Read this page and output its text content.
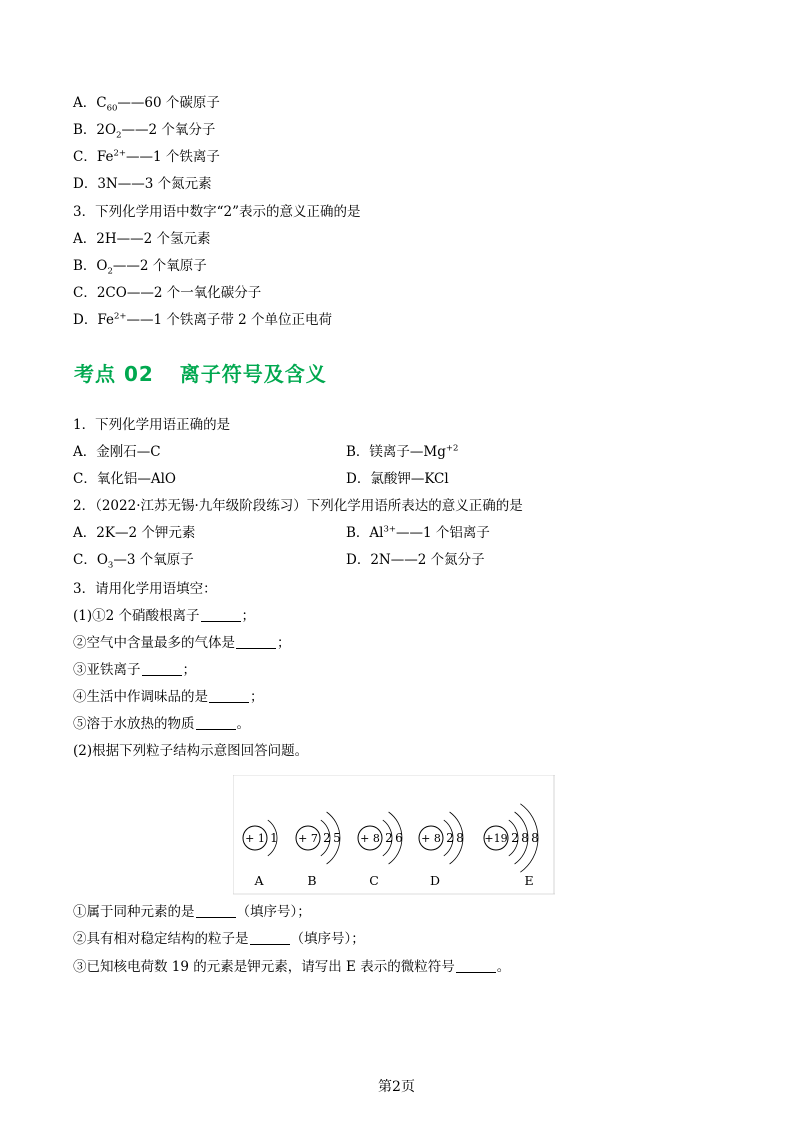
A．$C_{60}——60$ 个碳原子
B．$2O_2——2$ 个氧分子
C．$Fe^{2+}——1$ 个铁离子
D．3N——3 个氮元素
3．下列化学用语中数字“2”表示的意义正确的是
A．2H——2 个氢元素
B．$O_2——2$ 个氧原子
C．2CO——2 个一氧化碳分子
D．$Fe^{2+}——1$ 个铁离子带 2 个单位正电荷
考点 02 离子符号及含义
1．下列化学用语正确的是
A．金刚石—C	B．镁离子$—Mg^{+2}$
C．氧化铝—AlO	D．氯酸钾—KCl
2．（2022·江苏无锡·九年级阶段练习）下列化学用语所表达的意义正确的是
A．2K—2 个钾元素	B．$Al^{3+}——1$ 个铝离子
C．$O_3—3$ 个氧原子	D．2N——2 个氮分子
3．请用化学用语填空：
(1)①2 个硝酸根离子	；
②空气中含量最多的气体是	；
③亚铁离子	；
④生活中作调味品的是	；
⑤溶于水放热的物质	。
(2)根据下列粒子结构示意图回答问题。
+ 1 1
A
+ 7 2 5
B
+ 8 2 6
C
+ 8 2 8
D
+19 2 8 8
E
①属于同种元素的是	（填序号）；
②具有相对稳定结构的粒子是	（填序号）；
③已知核电荷数 19 的元素是钾元素，请写出 E 表示的微粒符号	。
第2页
